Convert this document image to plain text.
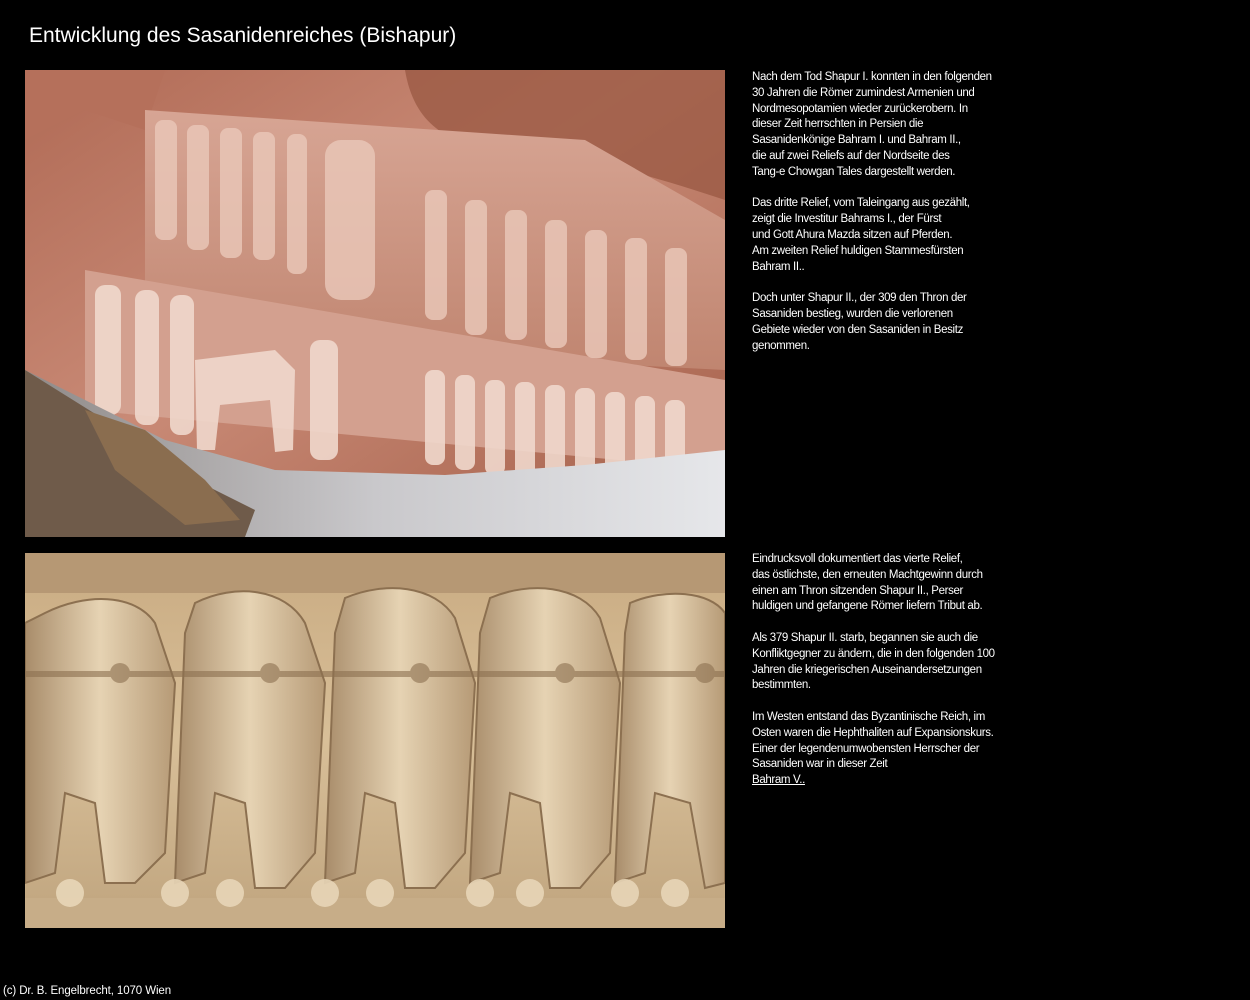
Entwicklung des Sasanidenreiches (Bishapur)

Nach dem Tod Shapur I. konnten in den folgenden
30 Jahren die Römer zumindest Armenien und
Nordmesopotamien wieder zurückerobern. In
dieser Zeit herrschten in Persien die
Sasanidenkönige Bahram I. und Bahram II.,
die auf zwei Reliefs auf der Nordseite des
Tang-e Chowgan Tales dargestellt werden.

Das dritte Relief, vom Taleingang aus gezählt,
zeigt die Investitur Bahrams I., der Fürst
und Gott Ahura Mazda sitzen auf Pferden.
Am zweiten Relief huldigen Stammesfürsten
Bahram II..

Doch unter Shapur II., der 309 den Thron der
Sasaniden bestieg, wurden die verlorenen
Gebiete wieder von den Sasaniden in Besitz
genommen.

Eindrucksvoll dokumentiert das vierte Relief,
das östlichste, den erneuten Machtgewinn durch
einen am Thron sitzenden Shapur II., Perser
huldigen und gefangene Römer liefern Tribut ab.

Als 379 Shapur II. starb, begannen sie auch die
Konfliktgegner zu ändern, die in den folgenden 100
Jahren die kriegerischen Auseinandersetzungen
bestimmten.

Im Westen entstand das Byzantinische Reich, im
Osten waren die Hephthaliten auf Expansionskurs.
Einer der legendenumwobensten Herrscher der
Sasaniden war in dieser Zeit
Bahram V..

(c) Dr. B. Engelbrecht, 1070 Wien
